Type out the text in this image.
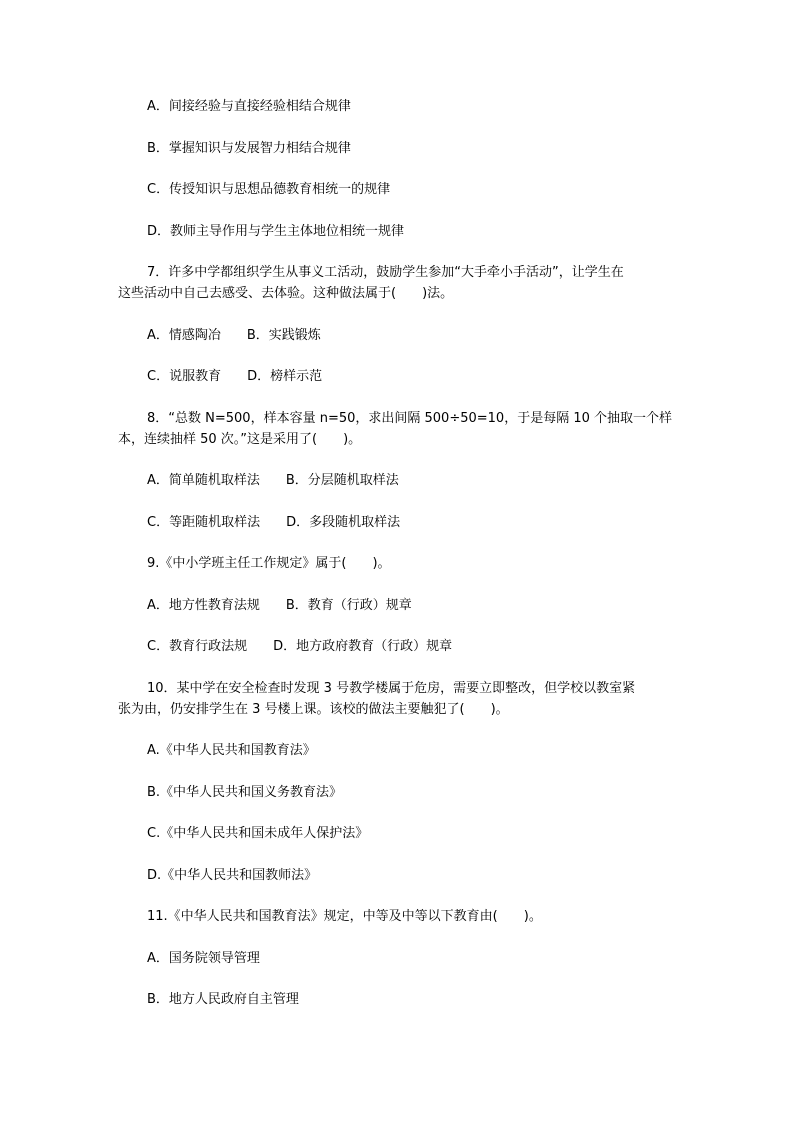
A．间接经验与直接经验相结合规律
B．掌握知识与发展智力相结合规律
C．传授知识与思想品德教育相统一的规律
D．教师主导作用与学生主体地位相统一规律
7．许多中学都组织学生从事义工活动，鼓励学生参加“大手牵小手活动”，让学生在
这些活动中自己去感受、去体验。这种做法属于(　　)法。
A．情感陶冶　　B．实践锻炼
C．说服教育　　D．榜样示范
8．“总数 N=500，样本容量 n=50，求出间隔 500÷50=10，于是每隔 10 个抽取一个样
本，连续抽样 50 次。”这是采用了(　　)。
A．简单随机取样法　　B．分层随机取样法
C．等距随机取样法　　D．多段随机取样法
9.《中小学班主任工作规定》属于(　　)。
A．地方性教育法规　　B．教育（行政）规章
C．教育行政法规　　D．地方政府教育（行政）规章
10．某中学在安全检查时发现 3 号教学楼属于危房，需要立即整改，但学校以教室紧
张为由，仍安排学生在 3 号楼上课。该校的做法主要触犯了(　　)。
A.《中华人民共和国教育法》
B.《中华人民共和国义务教育法》
C.《中华人民共和国未成年人保护法》
D.《中华人民共和国教师法》
11.《中华人民共和国教育法》规定，中等及中等以下教育由(　　)。
A．国务院领导管理
B．地方人民政府自主管理
